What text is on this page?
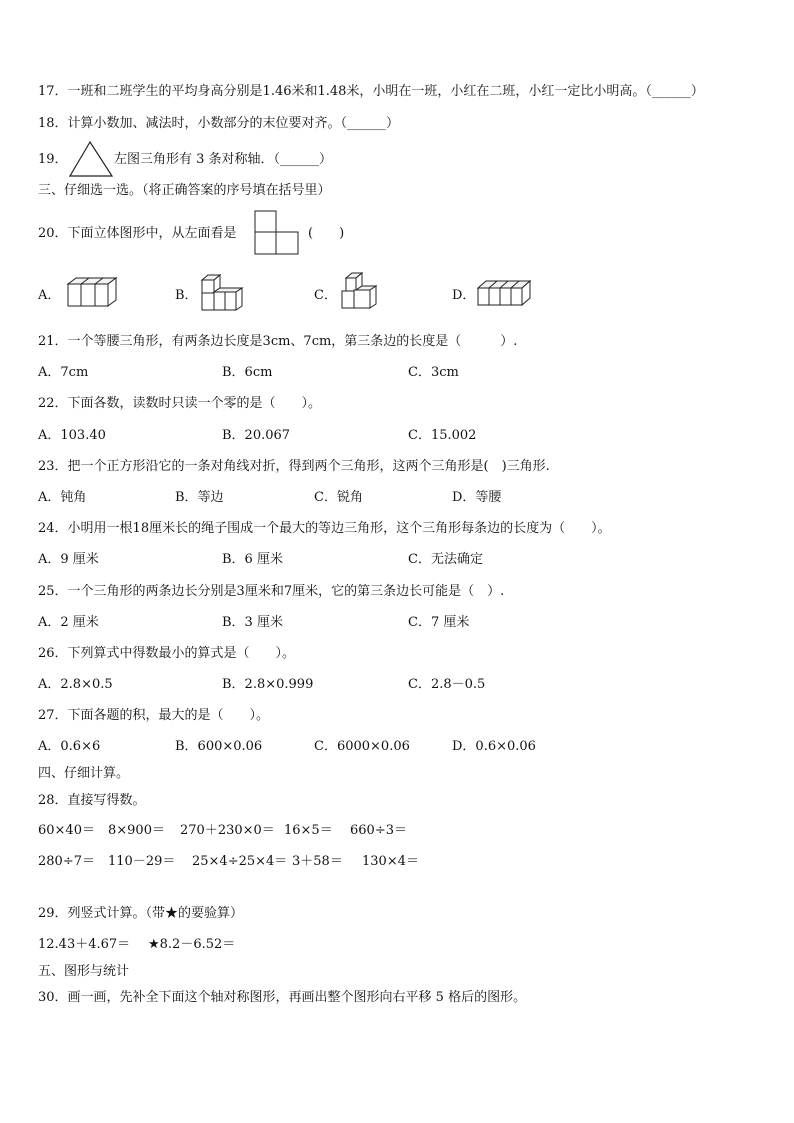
17．一班和二班学生的平均身高分别是1.46米和1.48米，小明在一班，小红在二班，小红一定比小明高。（______）
18．计算小数加、减法时，小数部分的末位要对齐。（______）
19．	左图三角形有 3 条对称轴．（______）
三、仔细选一选。（将正确答案的序号填在括号里）
20．下面立体图形中，从左面看是	(　　)
A．	B．	C．	D．
21．一个等腰三角形，有两条边长度是3cm、7cm，第三条边的长度是（　　　）.
A．7cm	B．6cm	C．3cm
22．下面各数，读数时只读一个零的是（　　）。
A．103.40	B．20.067	C．15.002
23．把一个正方形沿它的一条对角线对折，得到两个三角形，这两个三角形是(　)三角形.
A．钝角	B．等边	C．锐角	D．等腰
24．小明用一根18厘米长的绳子围成一个最大的等边三角形，这个三角形每条边的长度为（　　）。
A．9 厘米	B．6 厘米	C．无法确定
25．一个三角形的两条边长分别是3厘米和7厘米，它的第三条边长可能是（　）.
A．2 厘米	B．3 厘米	C．7 厘米
26．下列算式中得数最小的算式是（　　）。
A．2.8×0.5	B．2.8×0.999	C．2.8－0.5
27．下面各题的积，最大的是（　　）。
A．0.6×6	B．600×0.06	C．6000×0.06	D．0.6×0.06
四、仔细计算。
28．直接写得数。
60×40＝ 8×900＝ 270＋230×0＝ 16×5＝ 660÷3＝
280÷7＝ 110－29＝ 25×4÷25×4＝ 3＋58＝ 130×4＝
29．列竖式计算。（带★的要验算）
12.43＋4.67＝ ★8.2－6.52＝
五、图形与统计
30．画一画，先补全下面这个轴对称图形，再画出整个图形向右平移 5 格后的图形。
